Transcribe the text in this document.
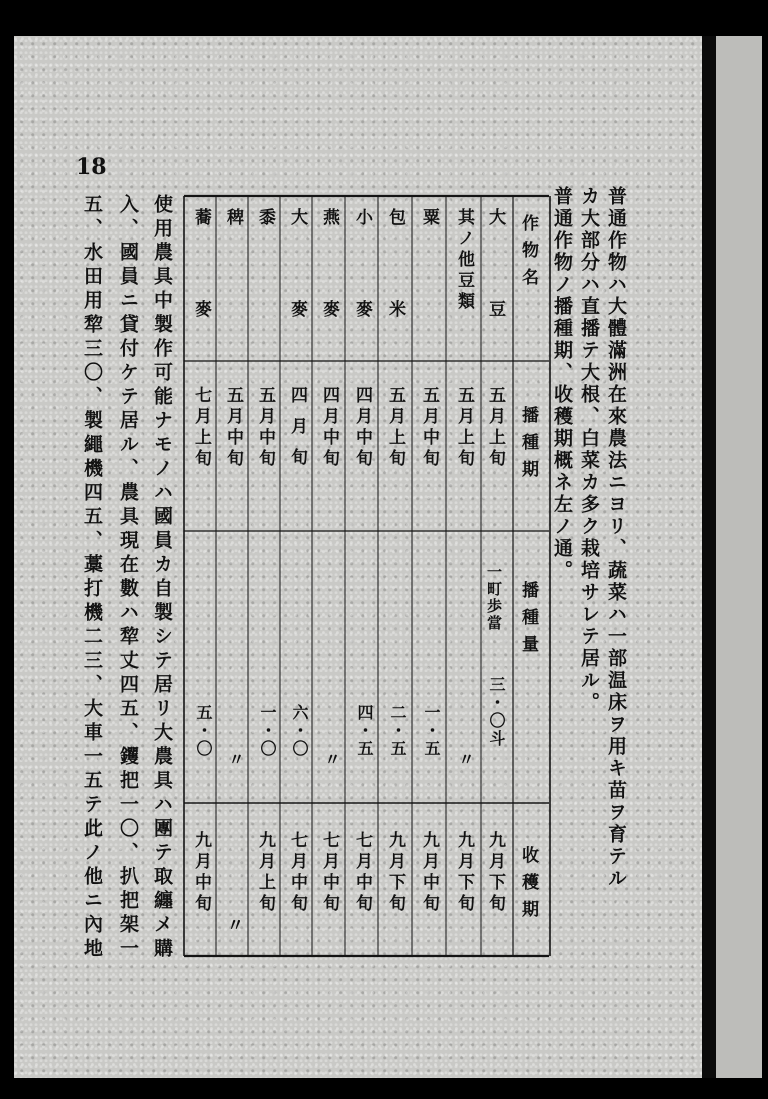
18
普通作物ハ大體滿洲在來農法ニヨリ、蔬菜ハ一部温床ヲ用キ苗ヲ育テル
カ大部分ハ直播テ大根、白菜カ多ク栽培サレテ居ル。
普通作物ノ播種期、收穫期概ネ左ノ通。
作物名
播種期
播種量
收穫期
一町歩當
大豆
五月上旬
三・〇斗
九月下旬
其ノ他豆類
五月上旬
〃
九月下旬
粟
五月中旬
一・五
九月中旬
包米
五月上旬
二・五
九月下旬
小麥
四月中旬
四・五
七月中旬
燕麥
四月中旬
〃
七月中旬
大麥
四月旬
六・〇
七月中旬
黍
五月中旬
一・〇
九月上旬
稗
五月中旬
〃
〃
蕎麥
七月上旬
五・〇
九月中旬
使用農具中製作可能ナモノハ國員カ自製シテ居リ大農具ハ團テ取纏メ購
入、國員ニ貸付ケテ居ル、農具現在數ハ犂丈四五、钁把一〇、扒把架一
五、水田用犂三〇、製繩機四五、藁打機二三、大車一五テ此ノ他ニ內地
